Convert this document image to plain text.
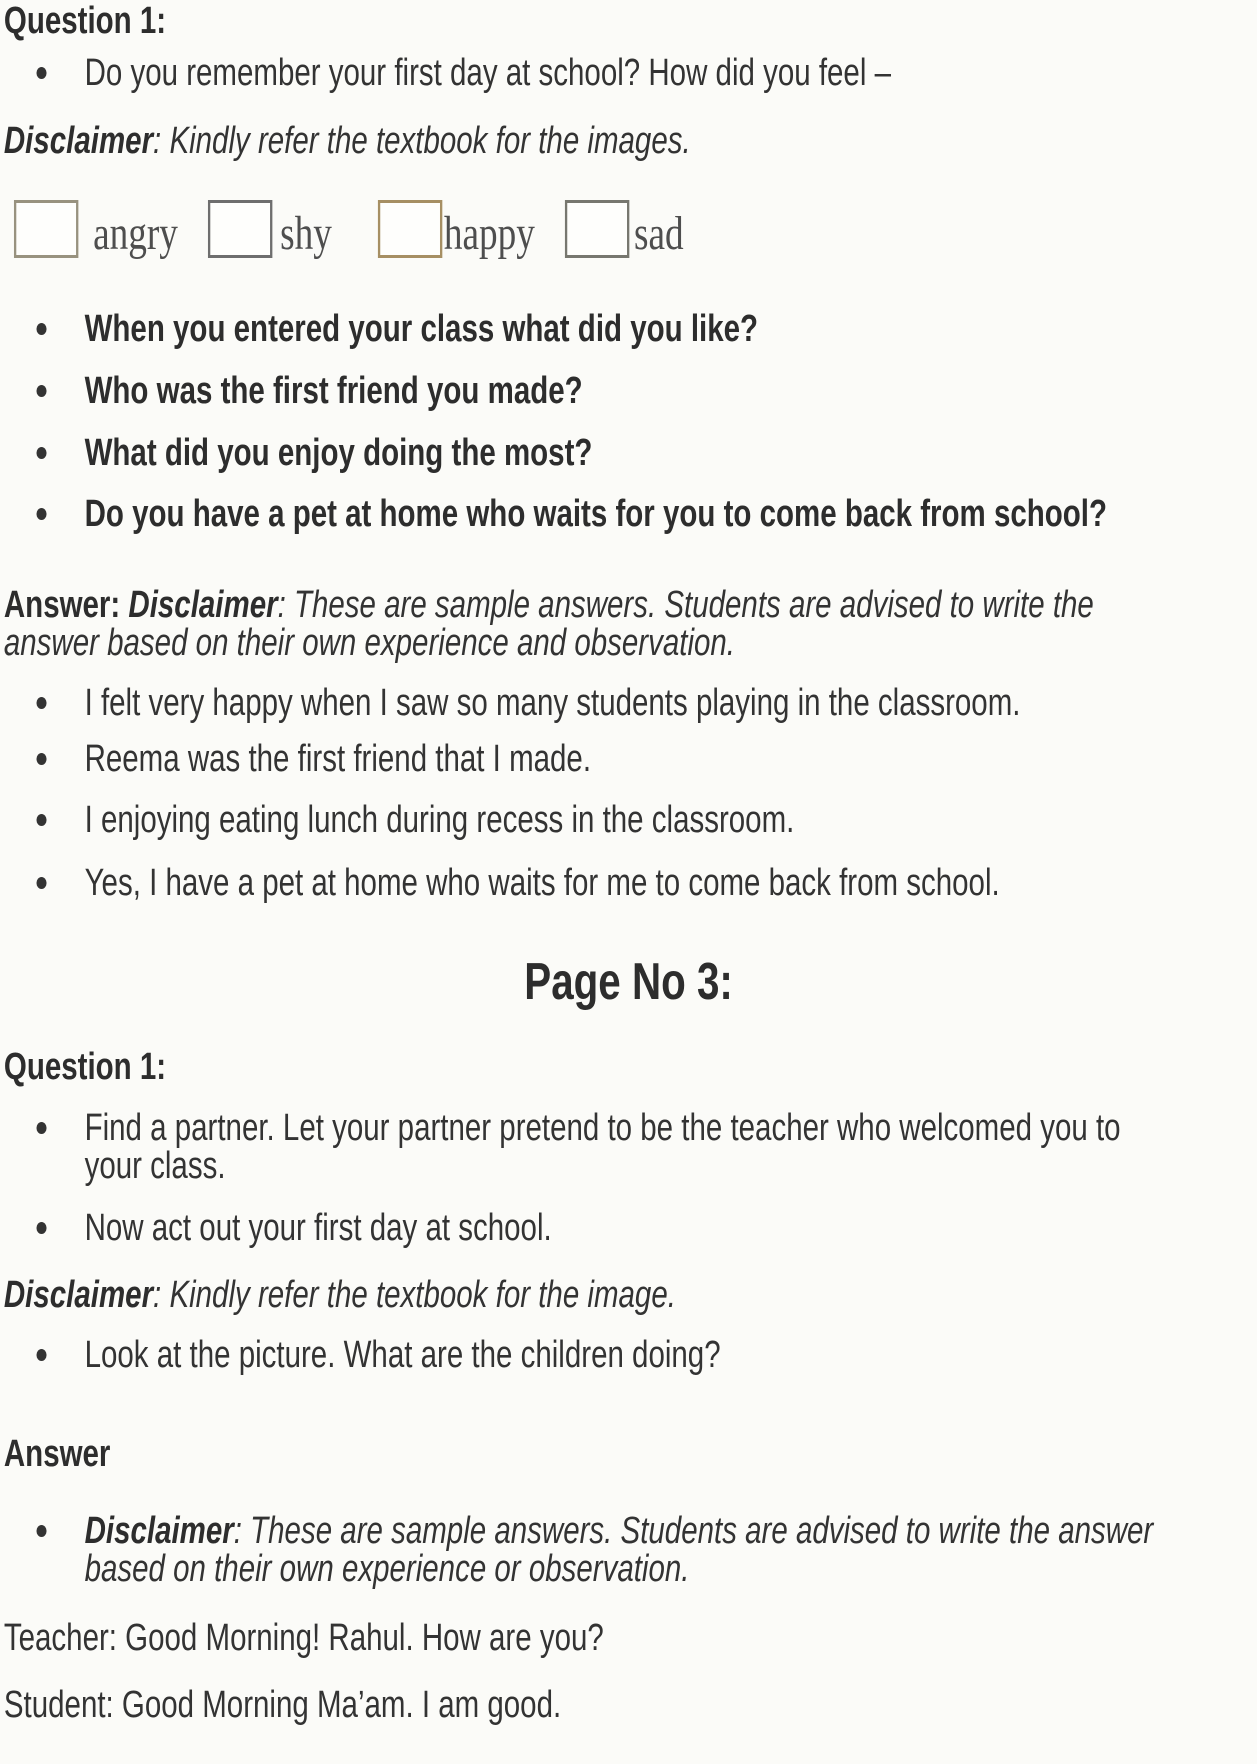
Question 1:
Do you remember your first day at school? How did you feel –
Disclaimer: Kindly refer the textbook for the images.
angry shy happy sad
When you entered your class what did you like?
Who was the first friend you made?
What did you enjoy doing the most?
Do you have a pet at home who waits for you to come back from school?
Answer: Disclaimer: These are sample answers. Students are advised to write the answer based on their own experience and observation.
I felt very happy when I saw so many students playing in the classroom.
Reema was the first friend that I made.
I enjoying eating lunch during recess in the classroom.
Yes, I have a pet at home who waits for me to come back from school.
Page No 3:
Question 1:
Find a partner. Let your partner pretend to be the teacher who welcomed you to your class.
Now act out your first day at school.
Disclaimer: Kindly refer the textbook for the image.
Look at the picture. What are the children doing?
Answer
Disclaimer: These are sample answers. Students are advised to write the answer based on their own experience or observation.
Teacher: Good Morning! Rahul. How are you?
Student: Good Morning Ma’am. I am good.
